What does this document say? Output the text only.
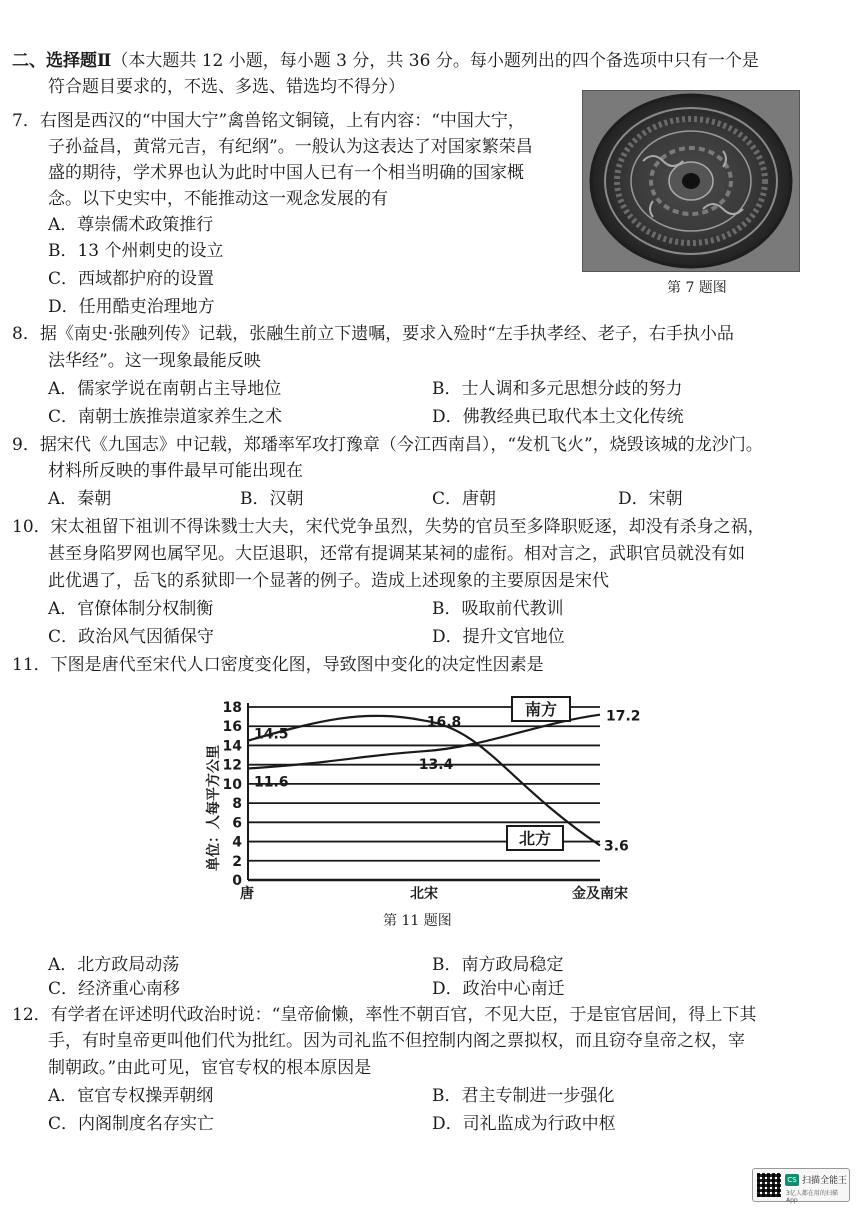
二、选择题Ⅱ（本大题共 12 小题，每小题 3 分，共 36 分。每小题列出的四个备选项中只有一个是
符合题目要求的，不选、多选、错选均不得分）
7．右图是西汉的“中国大宁”禽兽铭文铜镜，上有内容：“中国大宁，
子孙益昌，黄常元吉，有纪纲”。一般认为这表达了对国家繁荣昌
盛的期待，学术界也认为此时中国人已有一个相当明确的国家概
念。以下史实中，不能推动这一观念发展的有
A．尊崇儒术政策推行
B．13 个州刺史的设立
C．西域都护府的设置
D．任用酷吏治理地方
第 7 题图
8．据《南史·张融列传》记载，张融生前立下遗嘱，要求入殓时“左手执孝经、老子，右手执小品
法华经”。这一现象最能反映
A．儒家学说在南朝占主导地位	B．士人调和多元思想分歧的努力
C．南朝士族推崇道家养生之术	D．佛教经典已取代本土文化传统
9．据宋代《九国志》中记载，郑璠率军攻打豫章（今江西南昌），“发机飞火”，烧毁该城的龙沙门。
材料所反映的事件最早可能出现在
A．秦朝	B．汉朝	C．唐朝	D．宋朝
10．宋太祖留下祖训不得诛戮士大夫，宋代党争虽烈，失势的官员至多降职贬逐，却没有杀身之祸，
甚至身陷罗网也属罕见。大臣退职，还常有提调某某祠的虚衔。相对言之，武职官员就没有如
此优遇了，岳飞的系狱即一个显著的例子。造成上述现象的主要原因是宋代
A．官僚体制分权制衡	B．吸取前代教训
C．政治风气因循保守	D．提升文官地位
11．下图是唐代至宋代人口密度变化图，导致图中变化的决定性因素是
0
2
4
6
8
10
12
14
16
18
唐	北宋	金及南宋
14.5
16.8
3.6
11.6
13.4
17.2
单位：人每平方公里
南方
北方
第 11 题图
A．北方政局动荡	B．南方政局稳定
C．经济重心南移	D．政治中心南迁
12．有学者在评述明代政治时说：“皇帝偷懒，率性不朝百官，不见大臣，于是宦官居间，得上下其
手，有时皇帝更叫他们代为批红。因为司礼监不但控制内阁之票拟权，而且窃夺皇帝之权，宰
制朝政。”由此可见，宦官专权的根本原因是
A．宦官专权操弄朝纲	B．君主专制进一步强化
C．内阁制度名存实亡	D．司礼监成为行政中枢
CS 扫描全能王
3亿人都在用的扫描App
